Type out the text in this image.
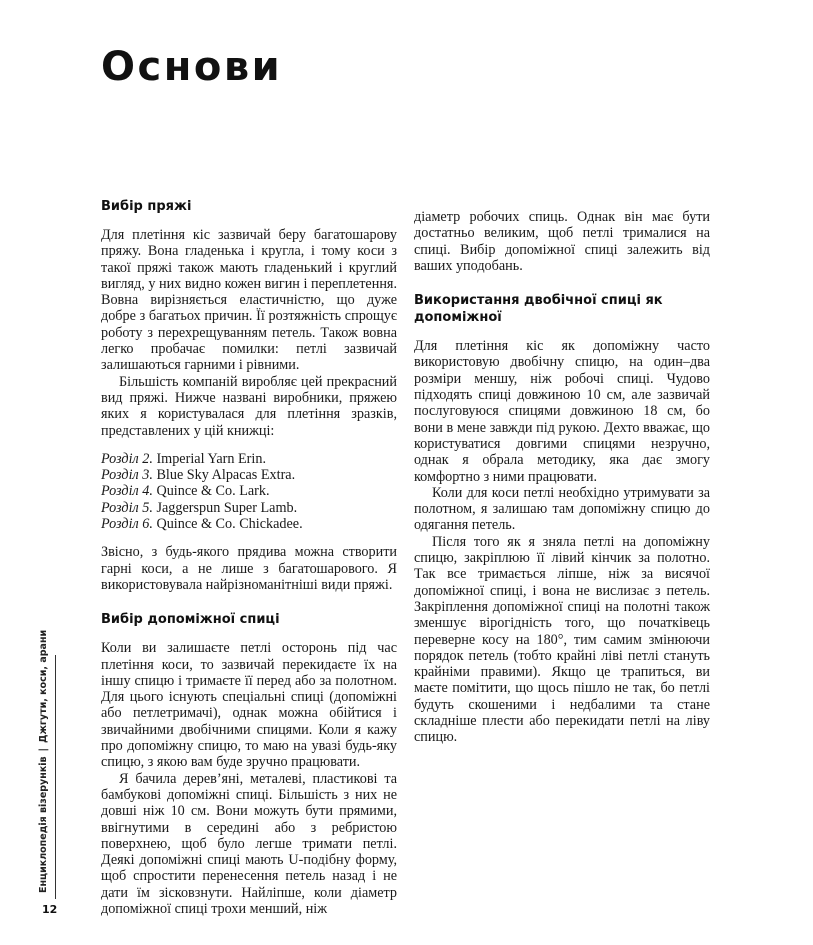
Основи
Вибір пряжі

Для плетіння кіс зазвичай беру багатошарову пряжу. Вона гладенька і кругла, і тому коси з такої пряжі також мають гладенький і круглий вигляд, у них видно кожен вигин і переплетення. Вовна вирізняється еластичністю, що дуже добре з багатьох причин. Її розтяжність спрощує роботу з перехрещуванням петель. Також вовна легко пробачає помилки: петлі зазвичай залишаються гарними і рівними.

Більшість компаній виробляє цей прекрасний вид пряжі. Нижче названі виробники, пряжею яких я користувалася для плетіння зразків, представлених у цій книжці:

Розділ 2. Imperial Yarn Erin.
Розділ 3. Blue Sky Alpacas Extra.
Розділ 4. Quince & Co. Lark.
Розділ 5. Jaggerspun Super Lamb.
Розділ 6. Quince & Co. Chickadee.

Звісно, з будь-якого прядива можна створити гарні коси, а не лише з багатошарового. Я використовувала найрізноманітніші види пряжі.

Вибір допоміжної спиці

Коли ви залишаєте петлі осторонь під час плетіння коси, то зазвичай перекидаєте їх на іншу спицю і тримаєте її перед або за полотном. Для цього існують спеціальні спиці (допоміжні або петлетримачі), однак можна обійтися і звичайними двобічними спицями. Коли я кажу про допоміжну спицю, то маю на увазі будь-яку спицю, з якою вам буде зручно працювати.

Я бачила дерев’яні, металеві, пластикові та бамбукові допоміжні спиці. Більшість з них не довші ніж 10 см. Вони можуть бути прямими, ввігнутими в середині або з ребристою поверхнею, щоб було легше тримати петлі. Деякі допоміжні спиці мають U-подібну форму, щоб спростити перенесення петель назад і не дати їм зісковзнути. Найліпше, коли діаметр допоміжної спиці трохи менший, ніж

діаметр робочих спиць. Однак він має бути достатньо великим, щоб петлі трималися на спиці. Вибір допоміжної спиці залежить від ваших уподобань.

Використання двобічної спиці як допоміжної

Для плетіння кіс як допоміжну часто використовую двобічну спицю, на один–два розміри меншу, ніж робочі спиці. Чудово підходять спиці довжиною 10 см, але зазвичай послуговуюся спицями довжиною 18 см, бо вони в мене завжди під рукою. Дехто вважає, що користуватися довгими спицями незручно, однак я обрала методику, яка дає змогу комфортно з ними працювати.

Коли для коси петлі необхідно утримувати за полотном, я залишаю там допоміжну спицю до одягання петель.

Після того як я зняла петлі на допоміжну спицю, закріплюю її лівий кінчик за полотно. Так все тримається ліпше, ніж за висячої допоміжної спиці, і вона не вислизає з петель. Закріплення допоміжної спиці на полотні також зменшує вірогідність того, що початківець переверне косу на 180°, тим самим змінюючи порядок петель (тобто крайні ліві петлі стануть крайніми правими). Якщо це трапиться, ви маєте помітити, що щось пішло не так, бо петлі будуть скошеними і недбалими та стане складніше плести або перекидати петлі на ліву спицю.

Енциклопедія візерунків|Джгути, коси, арани
12
